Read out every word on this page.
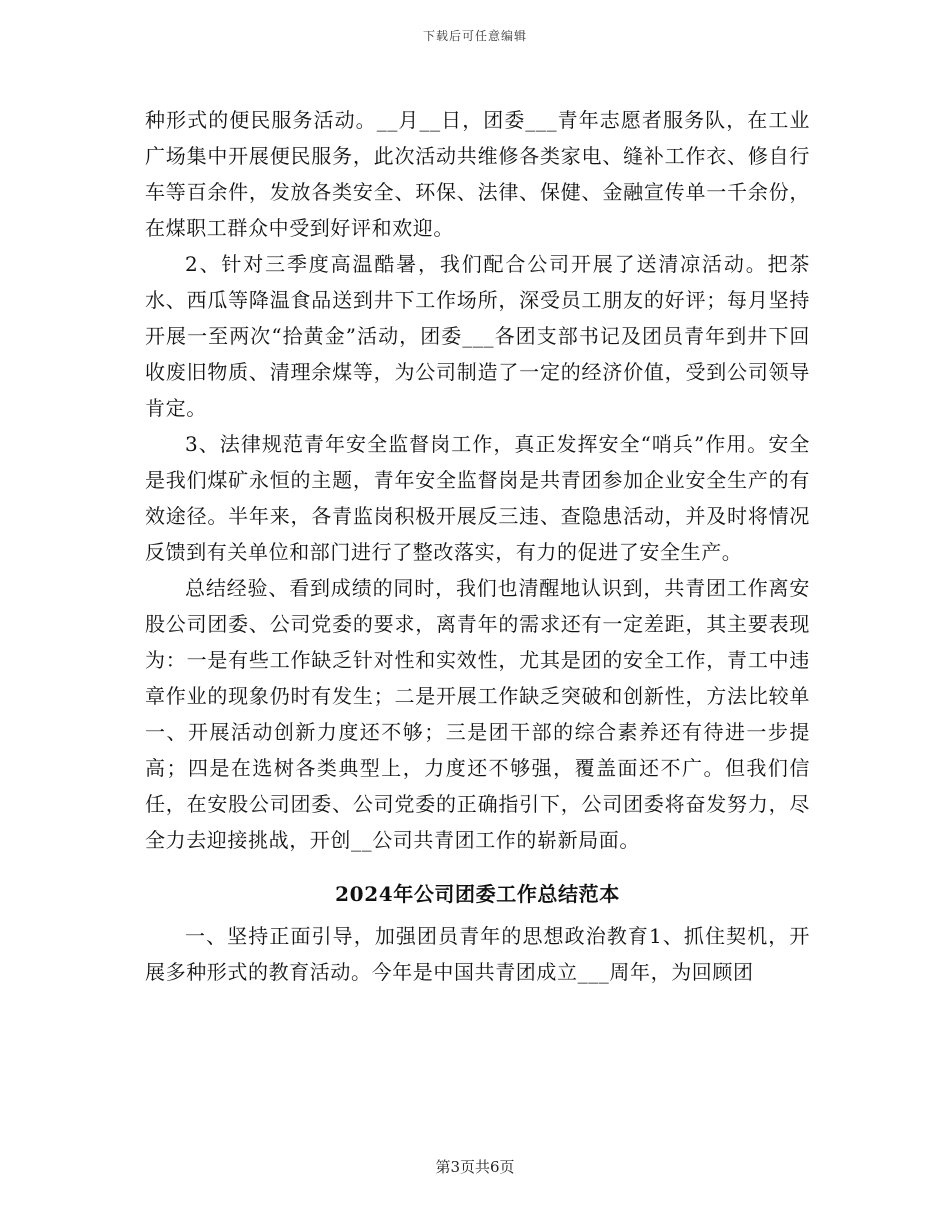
下载后可任意编辑

种形式的便民服务活动。__月__日，团委___青年志愿者服务队，在工业广场集中开展便民服务，此次活动共维修各类家电、缝补工作衣、修自行车等百余件，发放各类安全、环保、法律、保健、金融宣传单一千余份，在煤职工群众中受到好评和欢迎。

2、针对三季度高温酷暑，我们配合公司开展了送清凉活动。把茶水、西瓜等降温食品送到井下工作场所，深受员工朋友的好评；每月坚持开展一至两次“拾黄金”活动，团委___各团支部书记及团员青年到井下回收废旧物质、清理余煤等，为公司制造了一定的经济价值，受到公司领导肯定。

3、法律规范青年安全监督岗工作，真正发挥安全“哨兵”作用。安全是我们煤矿永恒的主题，青年安全监督岗是共青团参加企业安全生产的有效途径。半年来，各青监岗积极开展反三违、查隐患活动，并及时将情况反馈到有关单位和部门进行了整改落实，有力的促进了安全生产。

总结经验、看到成绩的同时，我们也清醒地认识到，共青团工作离安股公司团委、公司党委的要求，离青年的需求还有一定差距，其主要表现为：一是有些工作缺乏针对性和实效性，尤其是团的安全工作，青工中违章作业的现象仍时有发生；二是开展工作缺乏突破和创新性，方法比较单一、开展活动创新力度还不够；三是团干部的综合素养还有待进一步提高；四是在选树各类典型上，力度还不够强，覆盖面还不广。但我们信任，在安股公司团委、公司党委的正确指引下，公司团委将奋发努力，尽全力去迎接挑战，开创__公司共青团工作的崭新局面。

2024年公司团委工作总结范本

一、坚持正面引导，加强团员青年的思想政治教育1、抓住契机，开展多种形式的教育活动。今年是中国共青团成立___周年，为回顾团

第3页共6页
